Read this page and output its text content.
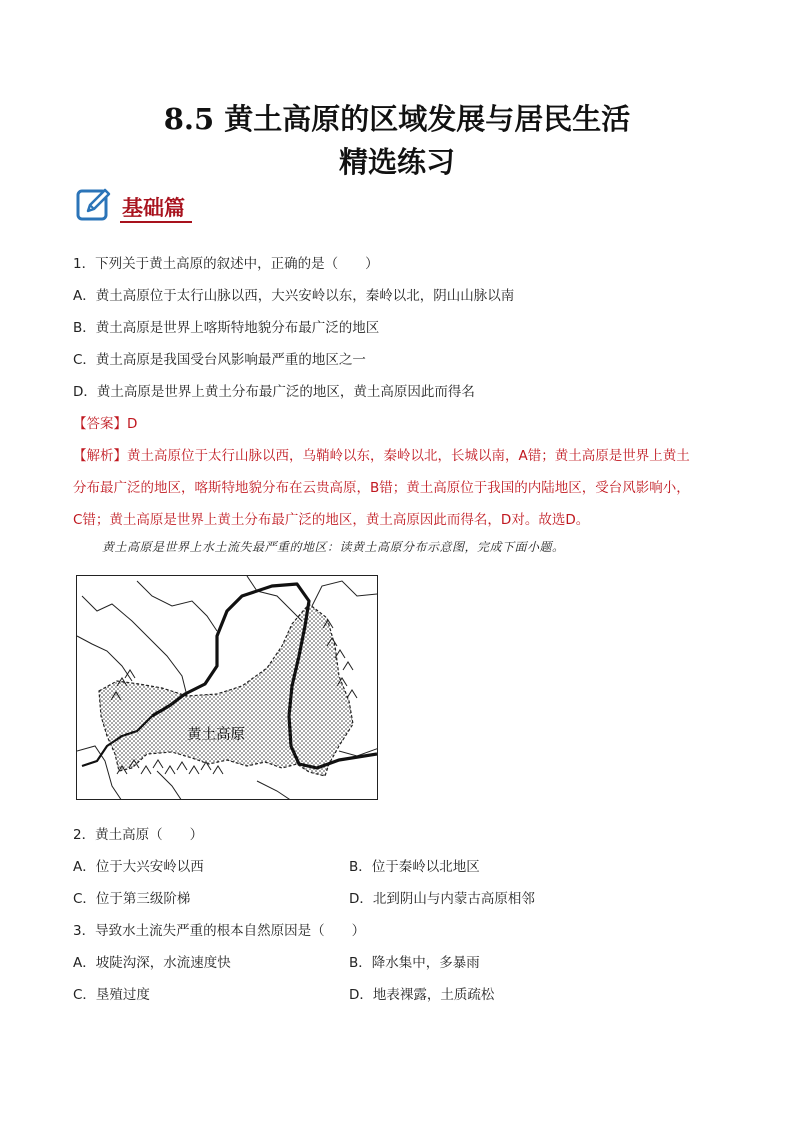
8.5 黄土高原的区域发展与居民生活
精选练习
基础篇
1．下列关于黄土高原的叙述中，正确的是（　　）
A．黄土高原位于太行山脉以西，大兴安岭以东，秦岭以北，阴山山脉以南
B．黄土高原是世界上喀斯特地貌分布最广泛的地区
C．黄土高原是我国受台风影响最严重的地区之一
D．黄土高原是世界上黄土分布最广泛的地区，黄土高原因此而得名
【答案】D
【解析】黄土高原位于太行山脉以西，乌鞘岭以东，秦岭以北，长城以南，A错；黄土高原是世界上黄土
分布最广泛的地区，喀斯特地貌分布在云贵高原，B错；黄土高原位于我国的内陆地区，受台风影响小，
C错；黄土高原是世界上黄土分布最广泛的地区，黄土高原因此而得名，D对。故选D。
黄土高原是世界上水土流失最严重的地区：读黄土高原分布示意图，完成下面小题。
黄土高原
2．黄土高原（　　）
A．位于大兴安岭以西	B．位于秦岭以北地区
C．位于第三级阶梯	D．北到阴山与内蒙古高原相邻
3．导致水土流失严重的根本自然原因是（　　）
A．坡陡沟深，水流速度快	B．降水集中，多暴雨
C．垦殖过度	D．地表裸露，土质疏松
